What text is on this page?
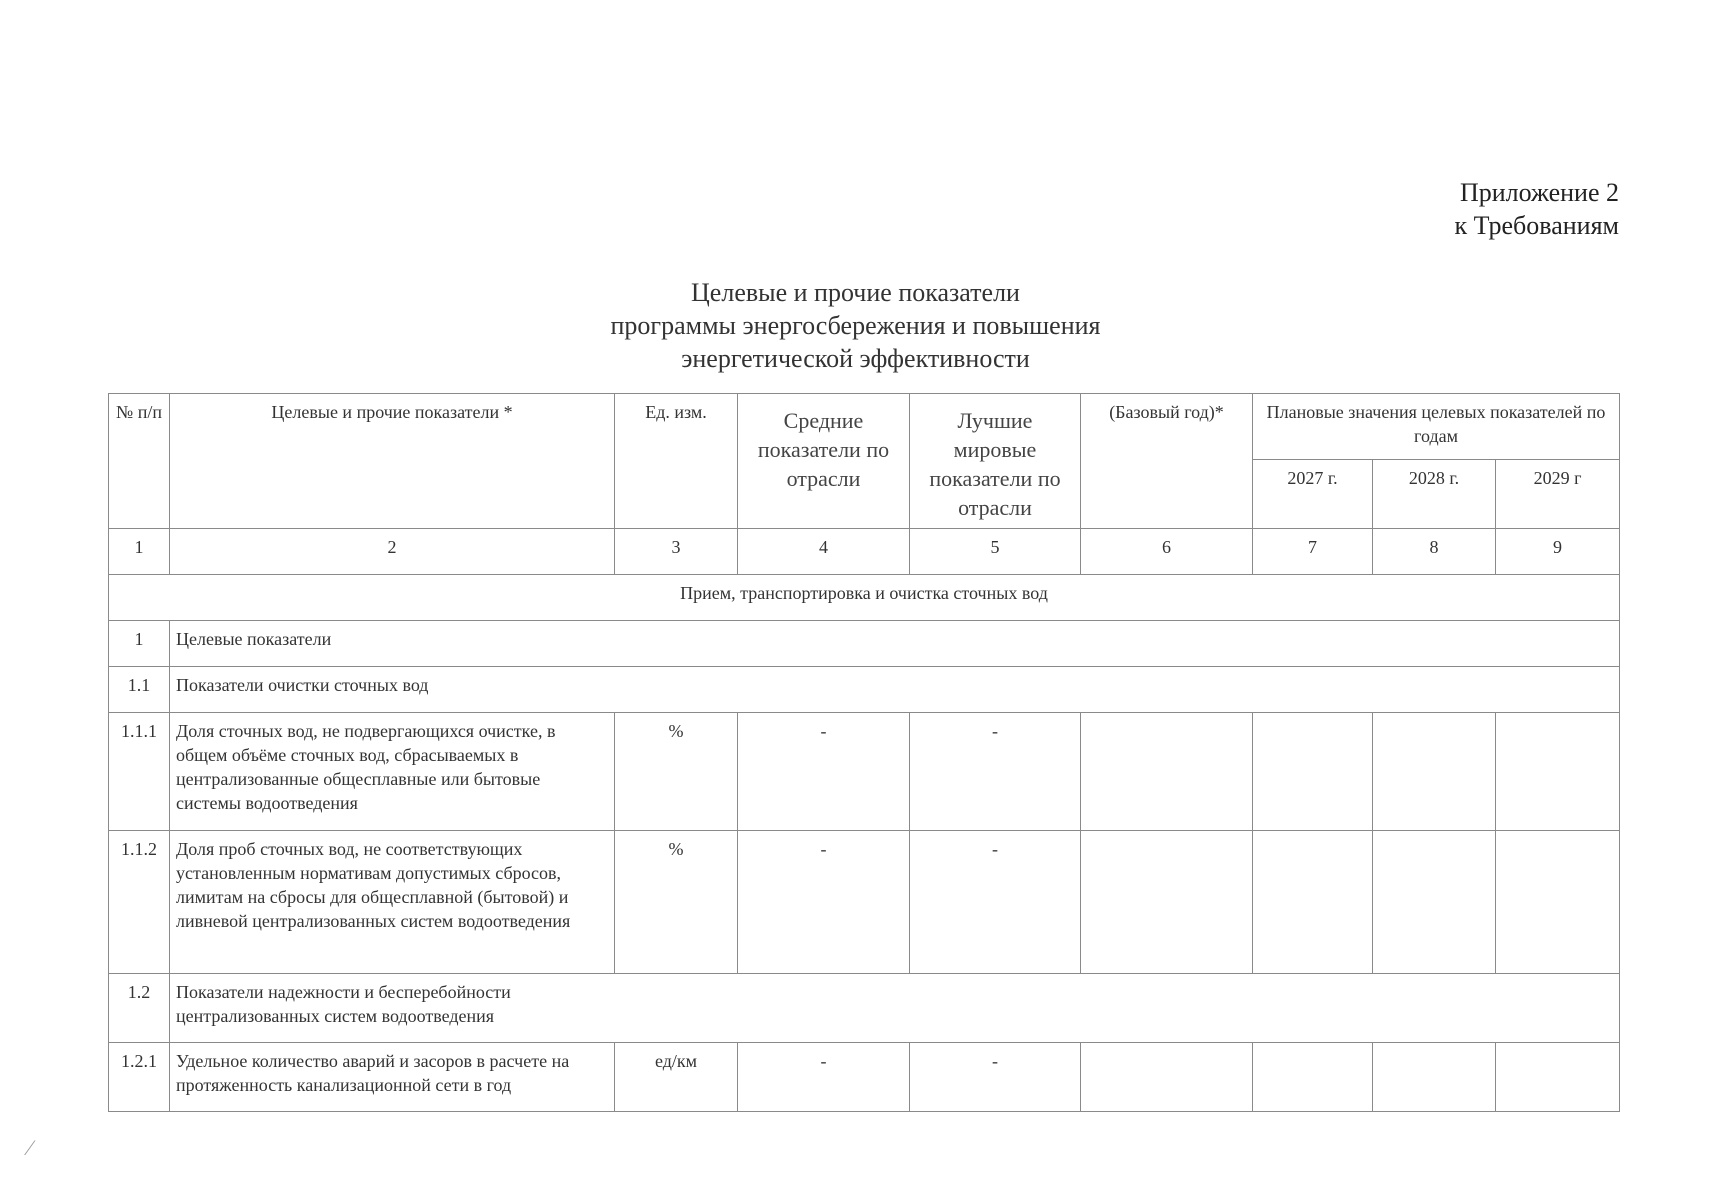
Приложение 2
к Требованиям
Целевые и прочие показатели
программы энергосбережения и повышения
энергетической эффективности
№ п/п	Целевые и прочие показатели *	Ед. изм.	Средние показатели по отрасли	Лучшие мировые показатели по отрасли	(Базовый год)*	Плановые значения целевых показателей по годам		
						2027 г.	2028 г.	2029 г
1	2	3	4	5	6	7	8	9
Прием, транспортировка и очистка сточных вод								
1	Целевые показатели							
1.1	Показатели очистки сточных вод							
1.1.1	Доля сточных вод, не подвергающихся очистке, в общем объёме сточных вод, сбрасываемых в централизованные общесплавные или бытовые системы водоотведения	%	-	-				
1.1.2	Доля проб сточных вод, не соответствующих установленным нормативам допустимых сбросов, лимитам на сбросы для общесплавной (бытовой) и ливневой централизованных систем водоотведения	%	-	-				
1.2	Показатели надежности и бесперебойности централизованных систем водоотведения							

1.2.1	Удельное количество аварий и засоров в расчете на протяженность канализационной сети в год	ед/км	-	-				
⁄
